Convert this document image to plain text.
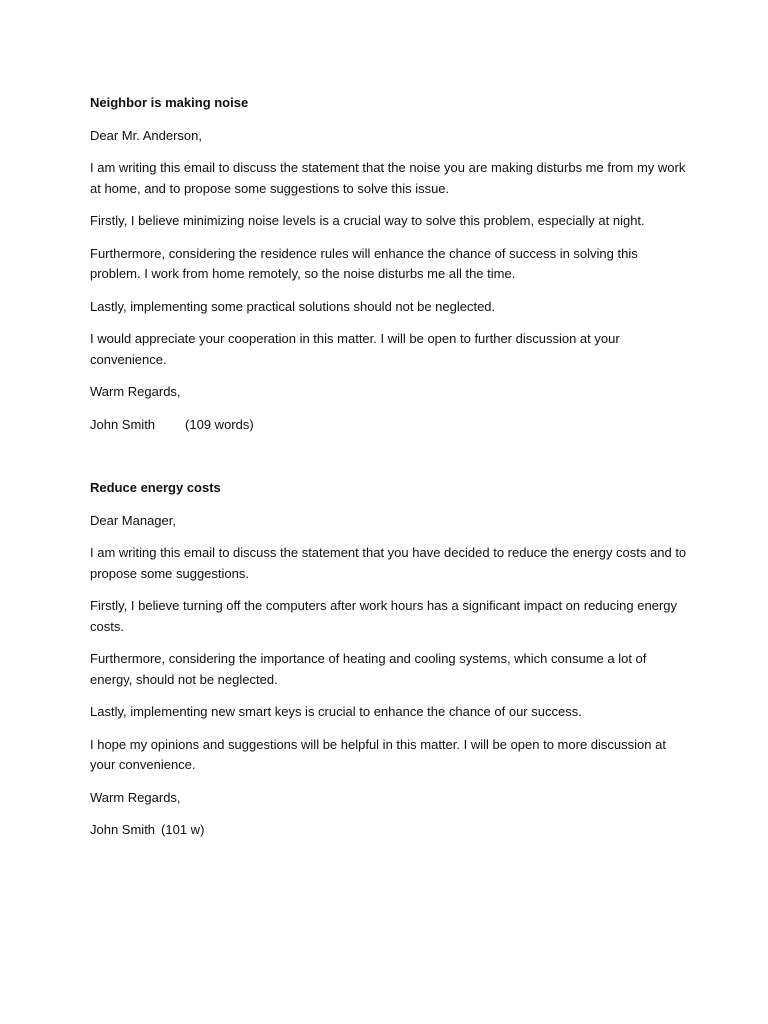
Neighbor is making noise

Dear Mr. Anderson,

I am writing this email to discuss the statement that the noise you are making disturbs me from my work at home, and to propose some suggestions to solve this issue.

Firstly, I believe minimizing noise levels is a crucial way to solve this problem, especially at night.

Furthermore, considering the residence rules will enhance the chance of success in solving this problem. I work from home remotely, so the noise disturbs me all the time.

Lastly, implementing some practical solutions should not be neglected.

I would appreciate your cooperation in this matter. I will be open to further discussion at your convenience.

Warm Regards,

John Smith (109 words)

Reduce energy costs

Dear Manager,

I am writing this email to discuss the statement that you have decided to reduce the energy costs and to propose some suggestions.

Firstly, I believe turning off the computers after work hours has a significant impact on reducing energy costs.

Furthermore, considering the importance of heating and cooling systems, which consume a lot of energy, should not be neglected.

Lastly, implementing new smart keys is crucial to enhance the chance of our success.

I hope my opinions and suggestions will be helpful in this matter. I will be open to more discussion at your convenience.

Warm Regards,

John Smith (101 w)
